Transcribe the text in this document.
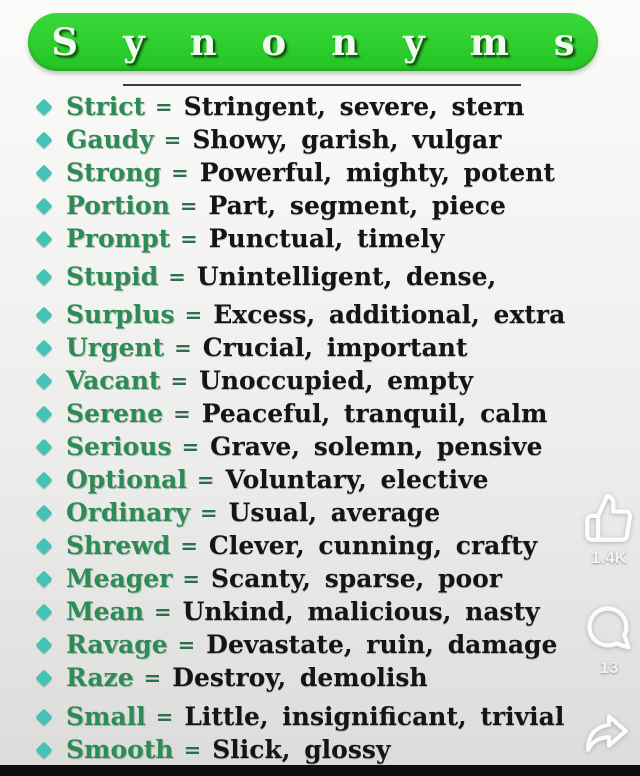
Synonyms
Strict = Stringent, severe, stern
Gaudy = Showy, garish, vulgar
Strong = Powerful, mighty, potent
Portion = Part, segment, piece
Prompt = Punctual, timely
Stupid = Unintelligent, dense,
Surplus = Excess, additional, extra
Urgent = Crucial, important
Vacant = Unoccupied, empty
Serene = Peaceful, tranquil, calm
Serious = Grave, solemn, pensive
Optional = Voluntary, elective
Ordinary = Usual, average
Shrewd = Clever, cunning, crafty
Meager = Scanty, sparse, poor
Mean = Unkind, malicious, nasty
Ravage = Devastate, ruin, damage
Raze = Destroy, demolish
Small = Little, insignificant, trivial
Smooth = Slick, glossy
1.4K
13
